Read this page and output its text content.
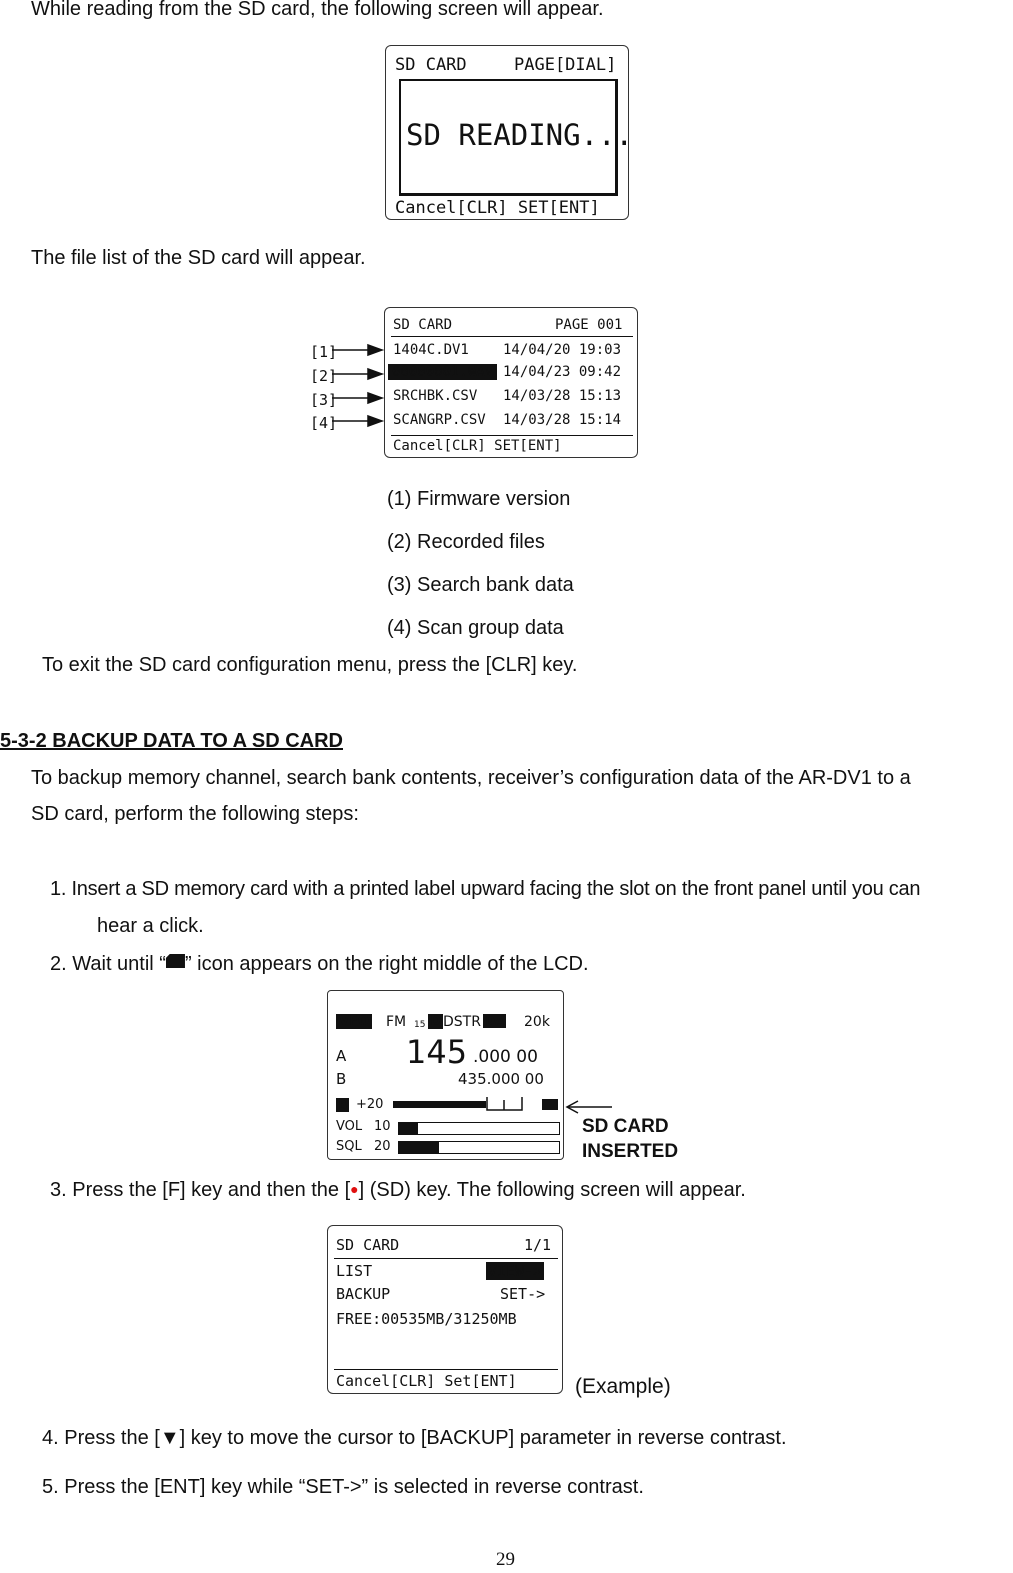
While reading from the SD card, the following screen will appear.
SD CARD	PAGE[DIAL]
SD READING...
Cancel[CLR] SET[ENT]
The file list of the SD card will appear.
[1]
[2]
[3]
[4]
SD CARD	PAGE 001
1404C.DV1 14/04/20 19:03
00000001.WAV 14/04/23 09:42
SRCHBK.CSV 14/03/28 15:13
SCANGRP.CSV 14/03/28 15:14
Cancel[CLR] SET[ENT]
(1) Firmware version
(2) Recorded files
(3) Search bank data
(4) Scan group data
To exit the SD card configuration menu, press the [CLR] key.
5-3-2 BACKUP DATA TO A SD CARD
To backup memory channel, search bank contents, receiver’s configuration data of the AR-DV1 to a
SD card, perform the following steps:
1. Insert a SD memory card with a printed label upward facing the slot on the front panel until you can
hear a click.
2. Wait until “ ” icon appears on the right middle of the LCD.
VFO FM 15 D DSTR DA 20k
A 145 .000 00
B	435.000 00
B +20
VOL 10
SQL 20
SD CARD
INSERTED
3. Press the [F] key and then the [●] (SD) key. The following screen will appear.
SD CARD	1/1
LIST	VIEW->
BACKUP	SET->
FREE:00535MB/31250MB
Cancel[CLR] Set[ENT]	(Example)
4. Press the [▼] key to move the cursor to [BACKUP] parameter in reverse contrast.
5. Press the [ENT] key while “SET->” is selected in reverse contrast.
29
